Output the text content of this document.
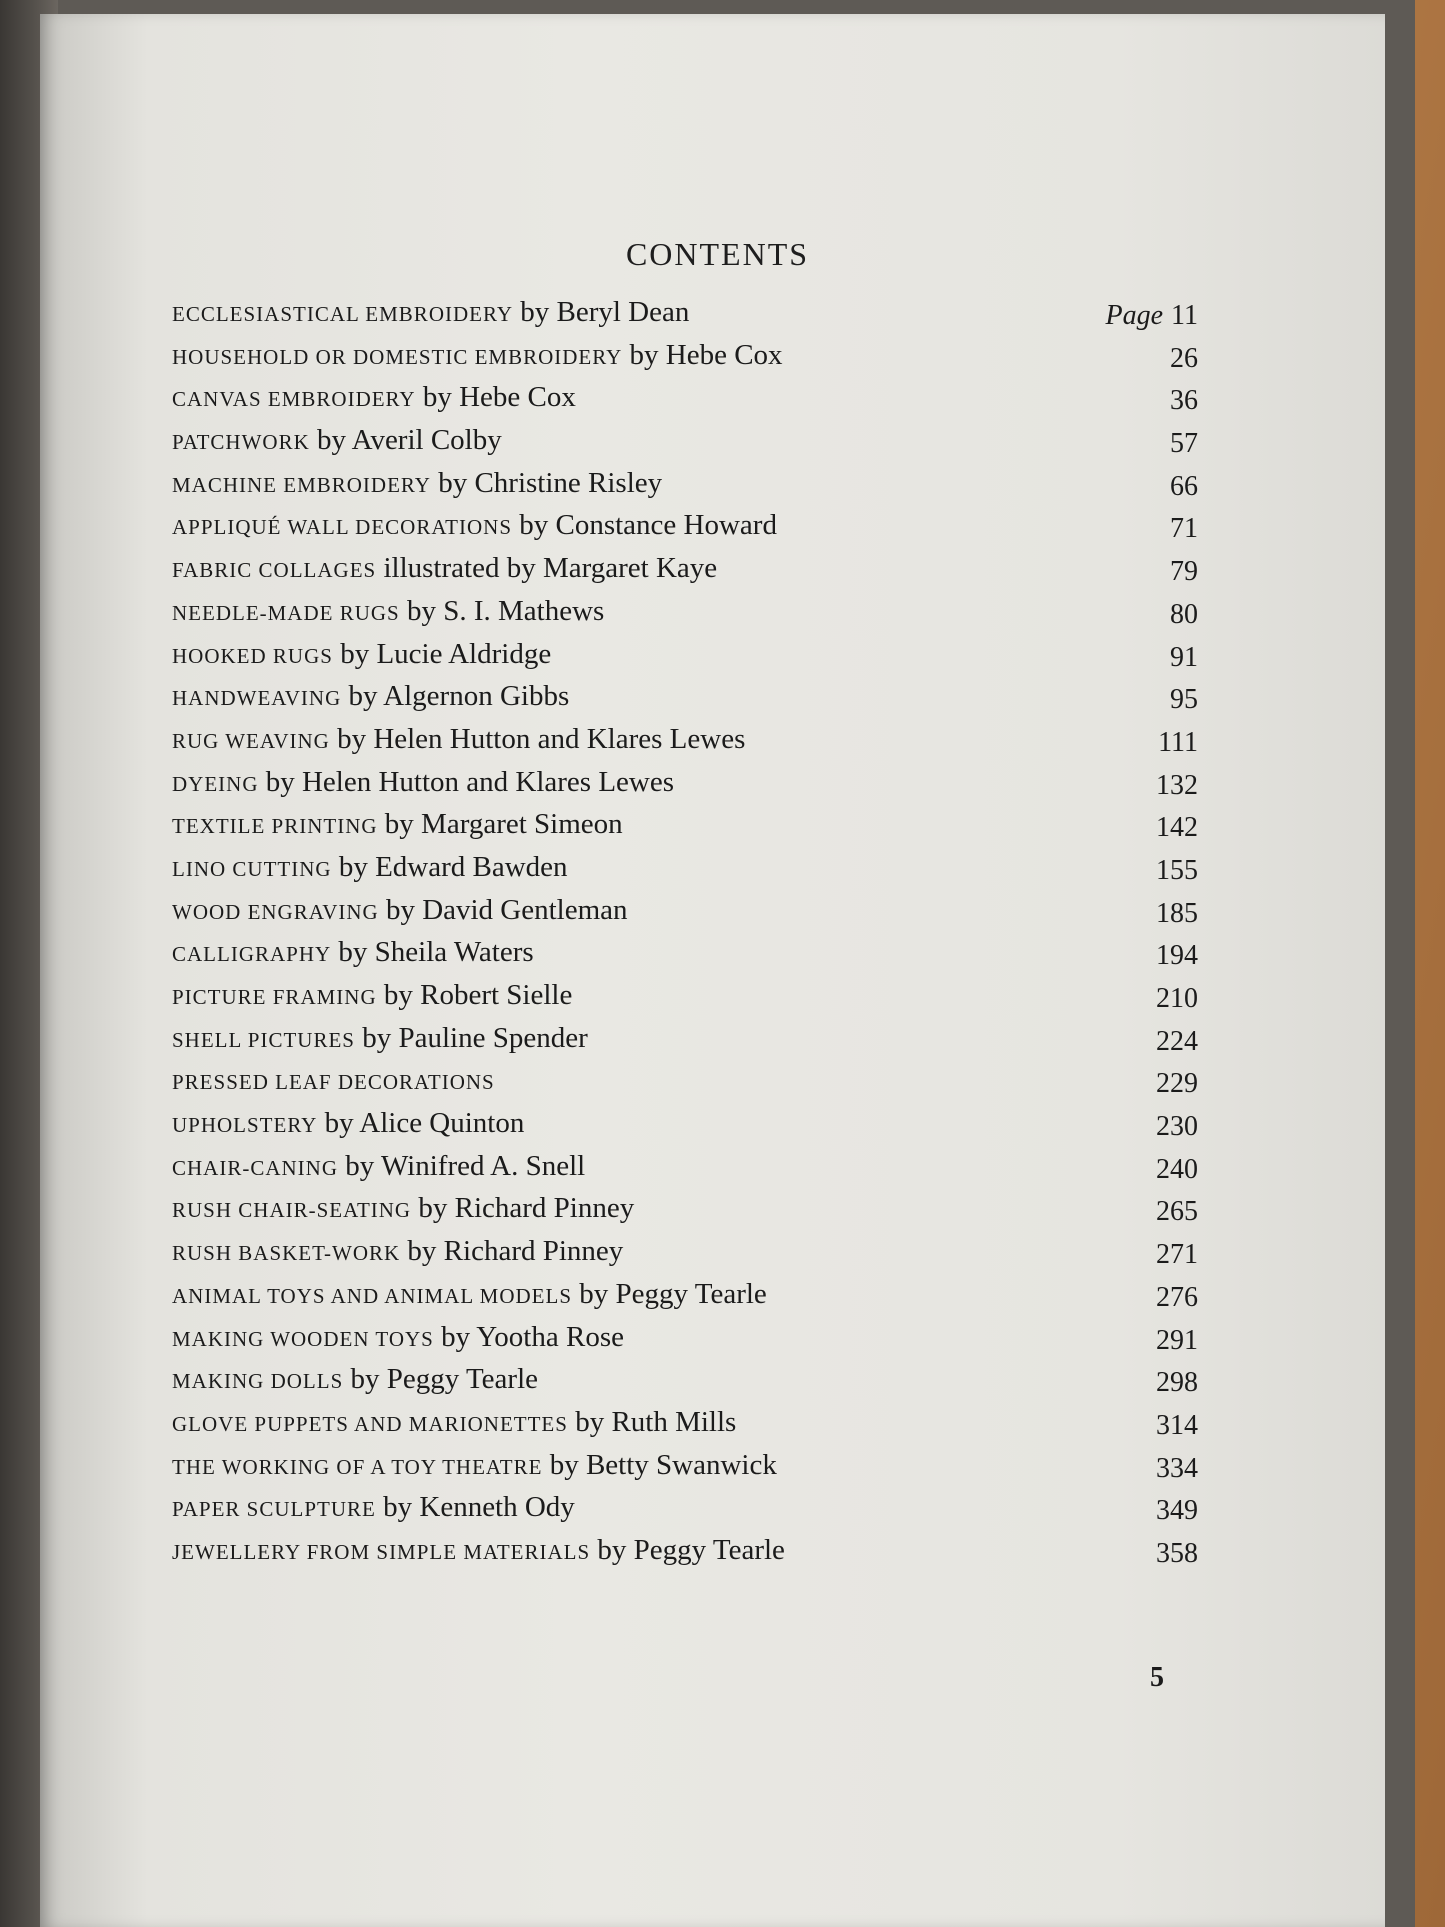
CONTENTS
ECCLESIASTICAL EMBROIDERY by Beryl Dean	Page 11
HOUSEHOLD OR DOMESTIC EMBROIDERY by Hebe Cox	26
CANVAS EMBROIDERY by Hebe Cox	36
PATCHWORK by Averil Colby	57
MACHINE EMBROIDERY by Christine Risley	66
APPLIQUÉ WALL DECORATIONS by Constance Howard	71
FABRIC COLLAGES illustrated by Margaret Kaye	79
NEEDLE-MADE RUGS by S. I. Mathews	80
HOOKED RUGS by Lucie Aldridge	91
HANDWEAVING by Algernon Gibbs	95
RUG WEAVING by Helen Hutton and Klares Lewes	111
DYEING by Helen Hutton and Klares Lewes	132
TEXTILE PRINTING by Margaret Simeon	142
LINO CUTTING by Edward Bawden	155
WOOD ENGRAVING by David Gentleman	185
CALLIGRAPHY by Sheila Waters	194
PICTURE FRAMING by Robert Sielle	210
SHELL PICTURES by Pauline Spender	224
PRESSED LEAF DECORATIONS	229
UPHOLSTERY by Alice Quinton	230
CHAIR-CANING by Winifred A. Snell	240
RUSH CHAIR-SEATING by Richard Pinney	265
RUSH BASKET-WORK by Richard Pinney	271
ANIMAL TOYS AND ANIMAL MODELS by Peggy Tearle	276
MAKING WOODEN TOYS by Yootha Rose	291
MAKING DOLLS by Peggy Tearle	298
GLOVE PUPPETS AND MARIONETTES by Ruth Mills	314
THE WORKING OF A TOY THEATRE by Betty Swanwick	334
PAPER SCULPTURE by Kenneth Ody	349
JEWELLERY FROM SIMPLE MATERIALS by Peggy Tearle	358
5
